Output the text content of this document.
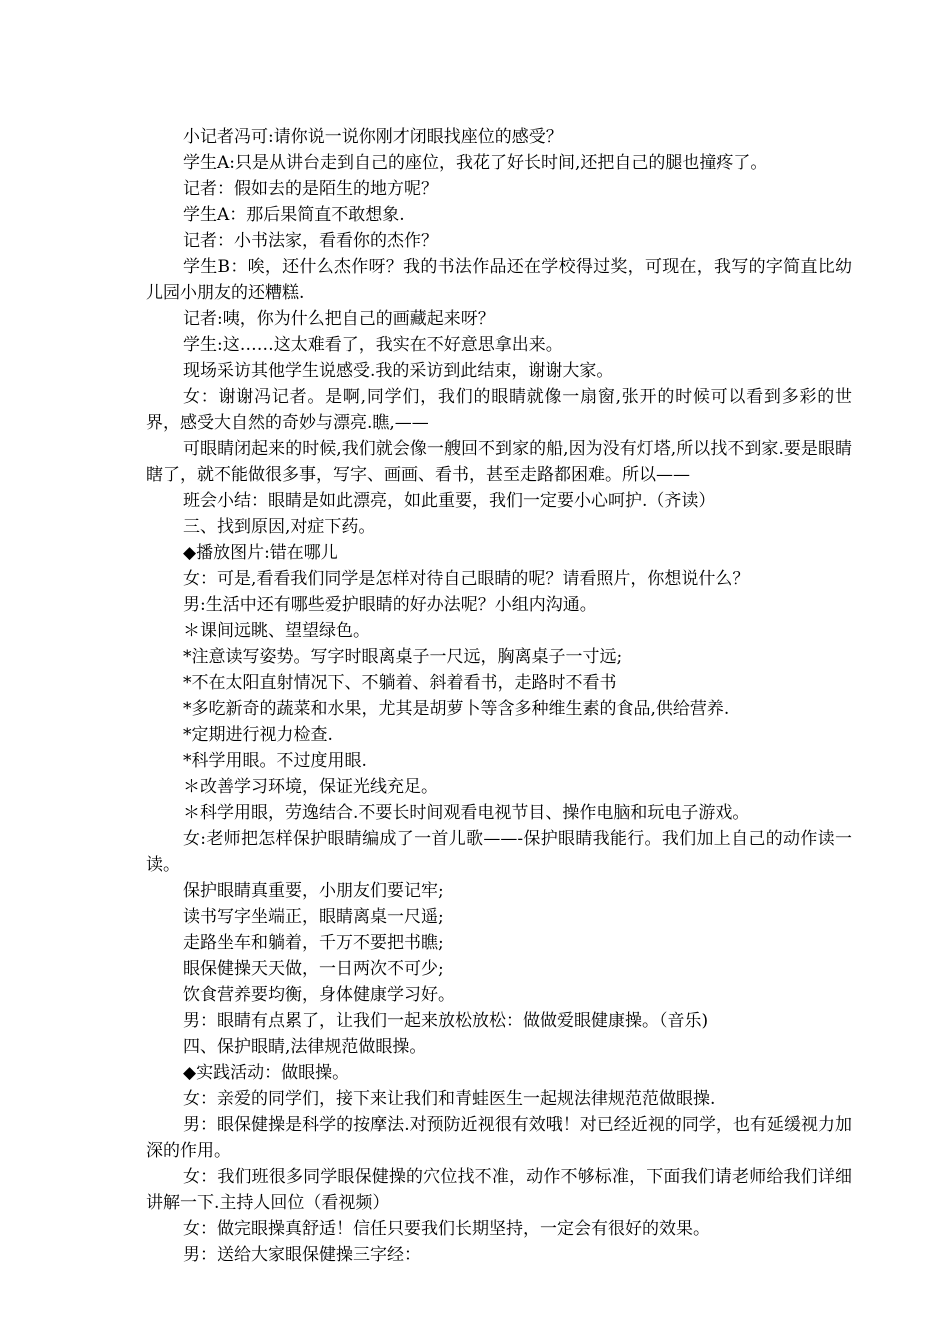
小记者冯可:请你说一说你刚才闭眼找座位的感受？

学生A:只是从讲台走到自己的座位，我花了好长时间,还把自己的腿也撞疼了。

记者：假如去的是陌生的地方呢？

学生A：那后果简直不敢想象.

记者：小书法家，看看你的杰作？

学生B：唉，还什么杰作呀？我的书法作品还在学校得过奖，可现在，我写的字简直比幼儿园小朋友的还糟糕.

记者:咦，你为什么把自己的画藏起来呀？

学生:这……这太难看了，我实在不好意思拿出来。

现场采访其他学生说感受.我的采访到此结束，谢谢大家。

女：谢谢冯记者。是啊,同学们，我们的眼睛就像一扇窗,张开的时候可以看到多彩的世界，感受大自然的奇妙与漂亮.瞧,——

可眼睛闭起来的时候,我们就会像一艘回不到家的船,因为没有灯塔,所以找不到家.要是眼睛瞎了，就不能做很多事，写字、画画、看书，甚至走路都困难。所以——

班会小结：眼睛是如此漂亮，如此重要，我们一定要小心呵护.（齐读）

三、找到原因,对症下药。

◆播放图片:错在哪儿

女：可是,看看我们同学是怎样对待自己眼睛的呢？请看照片，你想说什么？

男:生活中还有哪些爱护眼睛的好办法呢？小组内沟通。

＊课间远眺、望望绿色。

*注意读写姿势。写字时眼离桌子一尺远，胸离桌子一寸远;

*不在太阳直射情况下、不躺着、斜着看书，走路时不看书

*多吃新奇的蔬菜和水果，尤其是胡萝卜等含多种维生素的食品,供给营养.

*定期进行视力检查.

*科学用眼。不过度用眼.

＊改善学习环境，保证光线充足。

＊科学用眼，劳逸结合.不要长时间观看电视节目、操作电脑和玩电子游戏。

女:老师把怎样保护眼睛编成了一首儿歌——-保护眼睛我能行。我们加上自己的动作读一读。

保护眼睛真重要，小朋友们要记牢;

读书写字坐端正，眼睛离桌一尺遥;

走路坐车和躺着，千万不要把书瞧;

眼保健操天天做，一日两次不可少;

饮食营养要均衡，身体健康学习好。

男：眼睛有点累了，让我们一起来放松放松：做做爱眼健康操。（音乐)

四、保护眼睛,法律规范做眼操。

◆实践活动：做眼操。

女：亲爱的同学们，接下来让我们和青蛙医生一起规法律规范范做眼操.

男：眼保健操是科学的按摩法.对预防近视很有效哦！对已经近视的同学，也有延缓视力加深的作用。

女：我们班很多同学眼保健操的穴位找不准，动作不够标准，下面我们请老师给我们详细讲解一下.主持人回位（看视频）

女：做完眼操真舒适！信任只要我们长期坚持，一定会有很好的效果。

男：送给大家眼保健操三字经：
